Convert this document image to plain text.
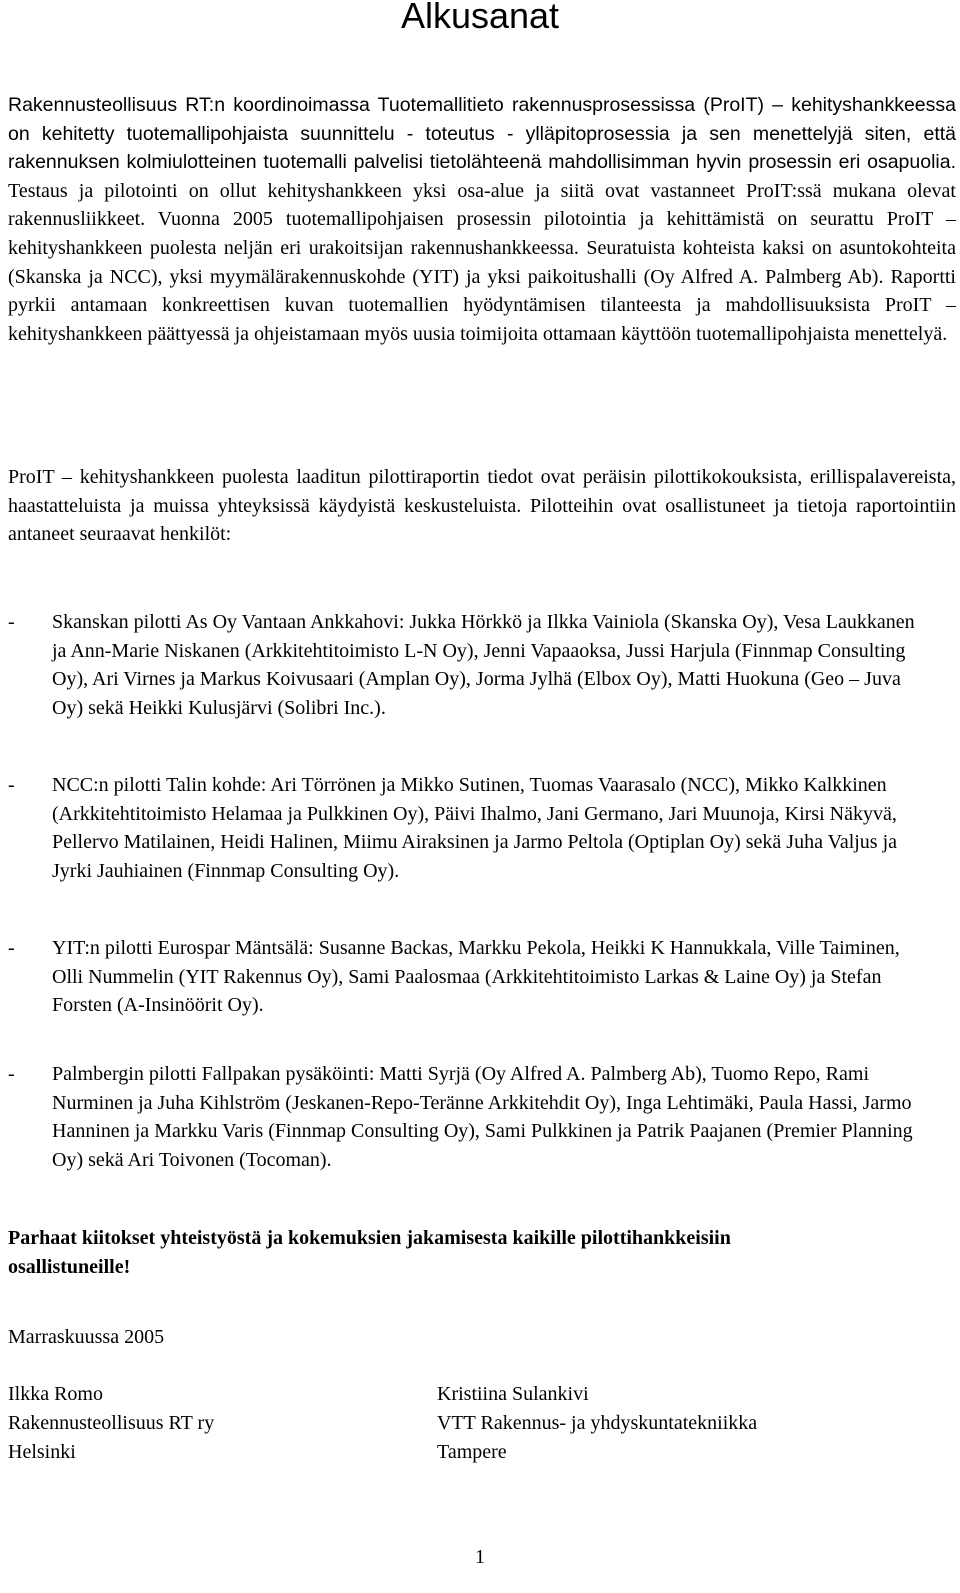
Alkusanat

Rakennusteollisuus RT:n koordinoimassa Tuotemallitieto rakennusprosessissa (ProIT) – kehityshankkeessa on kehitetty tuotemallipohjaista suunnittelu - toteutus - ylläpitoprosessia ja sen menettelyjä siten, että rakennuksen kolmiulotteinen tuotemalli palvelisi tietolähteenä mahdollisimman hyvin prosessin eri osapuolia. Testaus ja pilotointi on ollut kehityshankkeen yksi osa-alue ja siitä ovat vastanneet ProIT:ssä mukana olevat rakennusliikkeet. Vuonna 2005 tuotemallipohjaisen prosessin pilotointia ja kehittämistä on seurattu ProIT – kehityshankkeen puolesta neljän eri urakoitsijan rakennushankkeessa. Seuratuista kohteista kaksi on asuntokohteita (Skanska ja NCC), yksi myymälärakennuskohde (YIT) ja yksi paikoitushalli (Oy Alfred A. Palmberg Ab). Raportti pyrkii antamaan konkreettisen kuvan tuotemallien hyödyntämisen tilanteesta ja mahdollisuuksista ProIT – kehityshankkeen päättyessä ja ohjeistamaan myös uusia toimijoita ottamaan käyttöön tuotemallipohjaista menettelyä.

ProIT – kehityshankkeen puolesta laaditun pilottiraportin tiedot ovat peräisin pilottikokouksista, erillispalavereista, haastatteluista ja muissa yhteyksissä käydyistä keskusteluista. Pilotteihin ovat osallistuneet ja tietoja raportointiin antaneet seuraavat henkilöt:

- Skanskan pilotti As Oy Vantaan Ankkahovi: Jukka Hörkkö ja Ilkka Vainiola (Skanska Oy), Vesa Laukkanen ja Ann-Marie Niskanen (Arkkitehtitoimisto L-N Oy), Jenni Vapaaoksa, Jussi Harjula (Finnmap Consulting Oy), Ari Virnes ja Markus Koivusaari (Amplan Oy), Jorma Jylhä (Elbox Oy), Matti Huokuna (Geo – Juva Oy) sekä Heikki Kulusjärvi (Solibri Inc.).

- NCC:n pilotti Talin kohde: Ari Törrönen ja Mikko Sutinen, Tuomas Vaarasalo (NCC), Mikko Kalkkinen (Arkkitehtitoimisto Helamaa ja Pulkkinen Oy), Päivi Ihalmo, Jani Germano, Jari Muunoja, Kirsi Näkyvä, Pellervo Matilainen, Heidi Halinen, Miimu Airaksinen ja Jarmo Peltola (Optiplan Oy) sekä Juha Valjus ja Jyrki Jauhiainen (Finnmap Consulting Oy).

- YIT:n pilotti Eurospar Mäntsälä: Susanne Backas, Markku Pekola, Heikki K Hannukkala, Ville Taiminen, Olli Nummelin (YIT Rakennus Oy), Sami Paalosmaa (Arkkitehtitoimisto Larkas & Laine Oy) ja Stefan Forsten (A-Insinöörit Oy).

- Palmbergin pilotti Fallpakan pysäköinti: Matti Syrjä (Oy Alfred A. Palmberg Ab), Tuomo Repo, Rami Nurminen ja Juha Kihlström (Jeskanen-Repo-Teränne Arkkitehdit Oy), Inga Lehtimäki, Paula Hassi, Jarmo Hanninen ja Markku Varis (Finnmap Consulting Oy), Sami Pulkkinen ja Patrik Paajanen (Premier Planning Oy) sekä Ari Toivonen (Tocoman).

Parhaat kiitokset yhteistyöstä ja kokemuksien jakamisesta kaikille pilottihankkeisiin osallistuneille!

Marraskuussa 2005

Ilkka Romo
Rakennusteollisuus RT ry
Helsinki
Kristiina Sulankivi
VTT Rakennus- ja yhdyskuntatekniikka
Tampere
1
